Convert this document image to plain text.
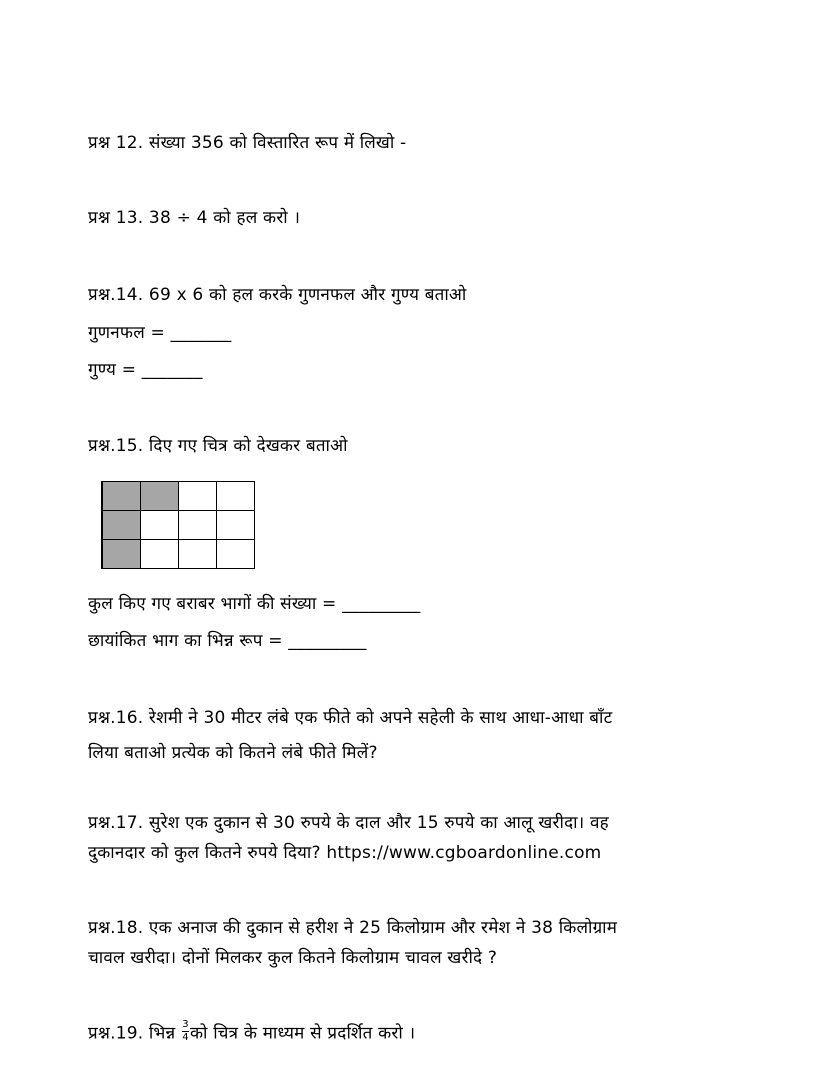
प्रश्न 12. संख्या 356 को विस्तारित रूप में लिखो -
प्रश्न 13. 38 ÷ 4 को हल करो ।
प्रश्न.14. 69 x 6 को हल करके गुणनफल और गुण्य बताओ
गुणनफल = _______
गुण्य = _______
प्रश्न.15. दिए गए चित्र को देखकर बताओ
कुल किए गए बराबर भागों की संख्या = _________
छायांकित भाग का भिन्न रूप = _________
प्रश्न.16. रेशमी ने 30 मीटर लंबे एक फीते को अपने सहेली के साथ आधा-आधा बाँट
लिया बताओ प्रत्येक को कितने लंबे फीते मिलें?
प्रश्न.17. सुरेश एक दुकान से 30 रुपये के दाल और 15 रुपये का आलू खरीदा। वह
दुकानदार को कुल कितने रुपये दिया? https://www.cgboardonline.com
प्रश्न.18. एक अनाज की दुकान से हरीश ने 25 किलोग्राम और रमेश ने 38 किलोग्राम
चावल खरीदा। दोनों मिलकर कुल कितने किलोग्राम चावल खरीदे ?
प्रश्न.19. भिन्न $\frac{3}{4}$ को चित्र के माध्यम से प्रदर्शित करो ।
